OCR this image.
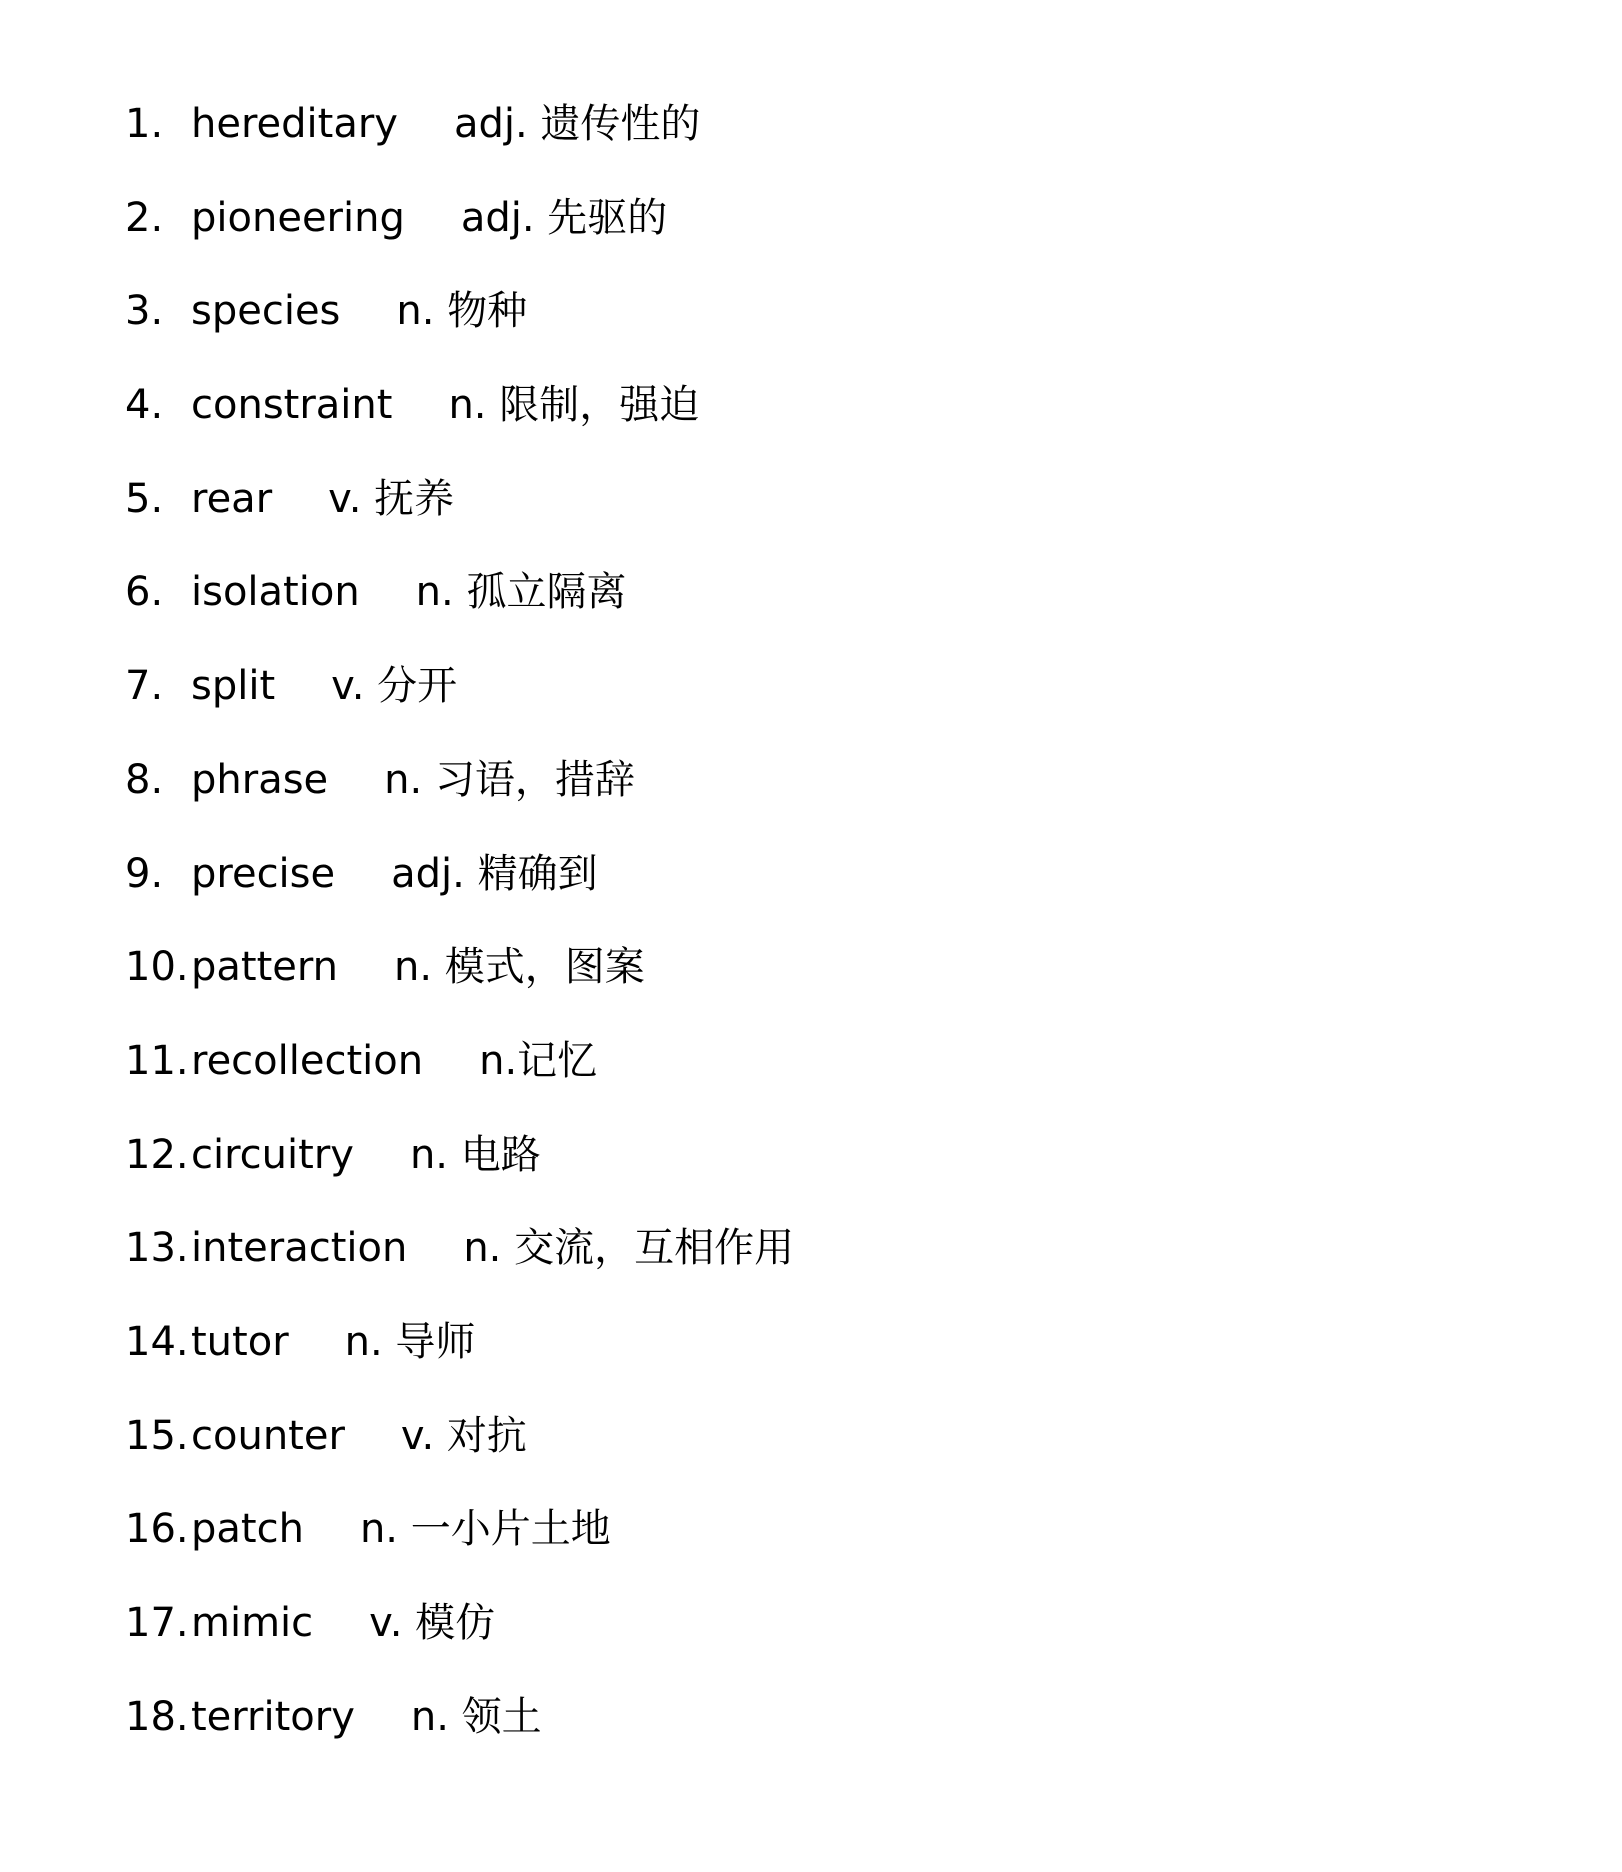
1. hereditary adj. 遗传性的
2. pioneering adj. 先驱的
3. species n. 物种
4. constraint n. 限制，强迫
5. rear v. 抚养
6. isolation n. 孤立隔离
7. split v. 分开
8. phrase n. 习语，措辞
9. precise adj. 精确到
10. pattern n. 模式，图案
11. recollection n.记忆
12. circuitry n. 电路
13. interaction n. 交流，互相作用
14. tutor n. 导师
15. counter v. 对抗
16. patch n. 一小片土地
17. mimic v. 模仿
18. territory n. 领土
